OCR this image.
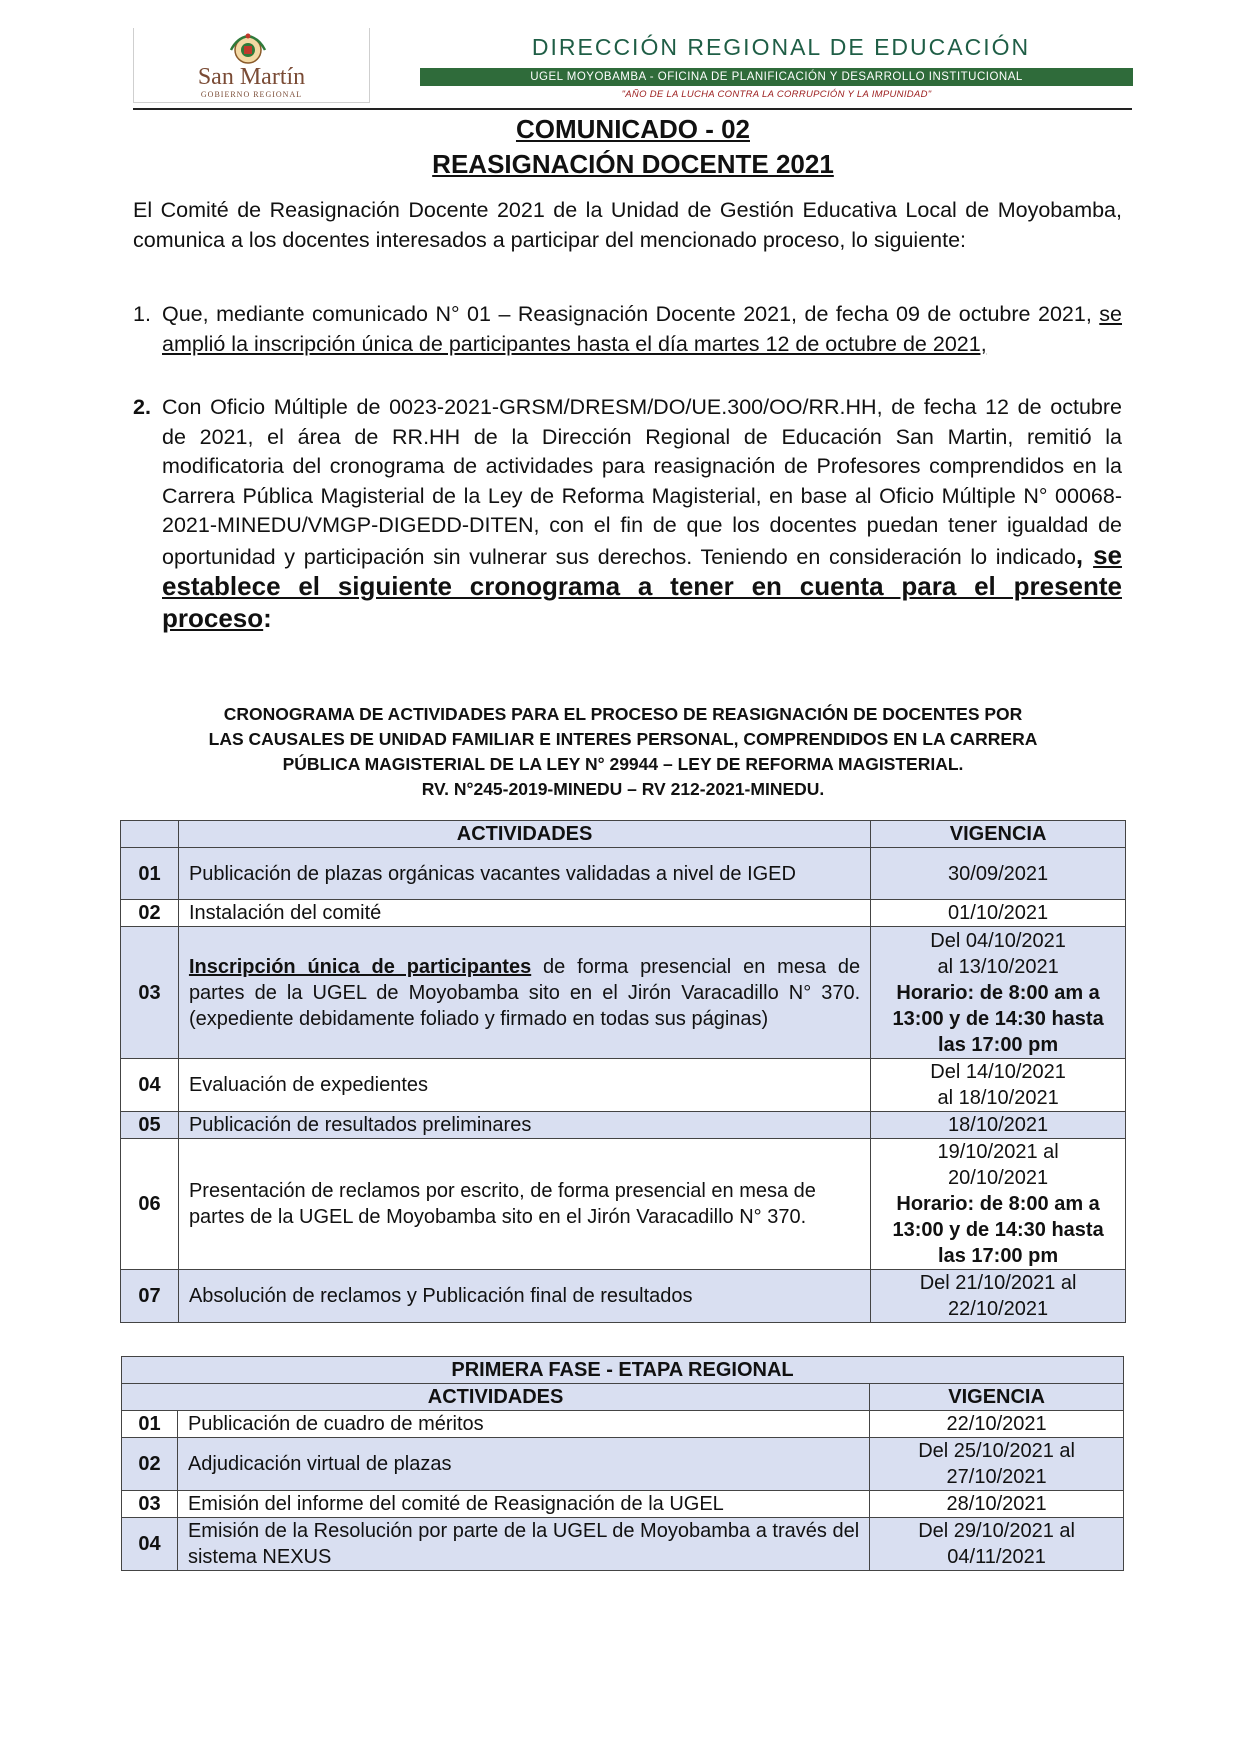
San Martín
GOBIERNO REGIONAL
DIRECCIÓN REGIONAL DE EDUCACIÓN
UGEL MOYOBAMBA - OFICINA DE PLANIFICACIÓN Y DESARROLLO INSTITUCIONAL
"AÑO DE LA LUCHA CONTRA LA CORRUPCIÓN Y LA IMPUNIDAD"
COMUNICADO - 02
REASIGNACIÓN DOCENTE 2021
El Comité de Reasignación Docente 2021 de la Unidad de Gestión Educativa Local de Moyobamba, comunica a los docentes interesados a participar del mencionado proceso, lo siguiente:
1. Que, mediante comunicado N° 01 – Reasignación Docente 2021, de fecha 09 de octubre 2021, se amplió la inscripción única de participantes hasta el día martes 12 de octubre de 2021,
2. Con Oficio Múltiple de 0023-2021-GRSM/DRESM/DO/UE.300/OO/RR.HH, de fecha 12 de octubre de 2021, el área de RR.HH de la Dirección Regional de Educación San Martin, remitió la modificatoria del cronograma de actividades para reasignación de Profesores comprendidos en la Carrera Pública Magisterial de la Ley de Reforma Magisterial, en base al Oficio Múltiple N° 00068-2021-MINEDU/VMGP-DIGEDD-DITEN, con el fin de que los docentes puedan tener igualdad de oportunidad y participación sin vulnerar sus derechos. Teniendo en consideración lo indicado, se establece el siguiente cronograma a tener en cuenta para el presente proceso:
CRONOGRAMA DE ACTIVIDADES PARA EL PROCESO DE REASIGNACIÓN DE DOCENTES POR
LAS CAUSALES DE UNIDAD FAMILIAR E INTERES PERSONAL, COMPRENDIDOS EN LA CARRERA
PÚBLICA MAGISTERIAL DE LA LEY N° 29944 – LEY DE REFORMA MAGISTERIAL.
RV. N°245-2019-MINEDU – RV 212-2021-MINEDU.
	ACTIVIDADES	VIGENCIA
01	Publicación de plazas orgánicas vacantes validadas a nivel de IGED	30/09/2021
02	Instalación del comité	01/10/2021
03	Inscripción única de participantes de forma presencial en mesa de partes de la UGEL de Moyobamba sito en el Jirón Varacadillo N° 370. (expediente debidamente foliado y firmado en todas sus páginas)	Del 04/10/2021
al 13/10/2021
Horario: de 8:00 am a 13:00 y de 14:30 hasta las 17:00 pm

04	Evaluación de expedientes	Del 14/10/2021
al 18/10/2021

05	Publicación de resultados preliminares	18/10/2021
06	Presentación de reclamos por escrito, de forma presencial en mesa de partes de la UGEL de Moyobamba sito en el Jirón Varacadillo N° 370.	19/10/2021 al
20/10/2021
Horario: de 8:00 am a 13:00 y de 14:30 hasta las 17:00 pm

07	Absolución de reclamos y Publicación final de resultados	Del 21/10/2021 al
22/10/2021
PRIMERA FASE - ETAPA REGIONAL		
ACTIVIDADES		VIGENCIA
01	Publicación de cuadro de méritos	22/10/2021
02	Adjudicación virtual de plazas	Del 25/10/2021 al
27/10/2021

03	Emisión del informe del comité de Reasignación de la UGEL	28/10/2021
04	Emisión de la Resolución por parte de la UGEL de Moyobamba a través del sistema NEXUS	Del 29/10/2021 al
04/11/2021
